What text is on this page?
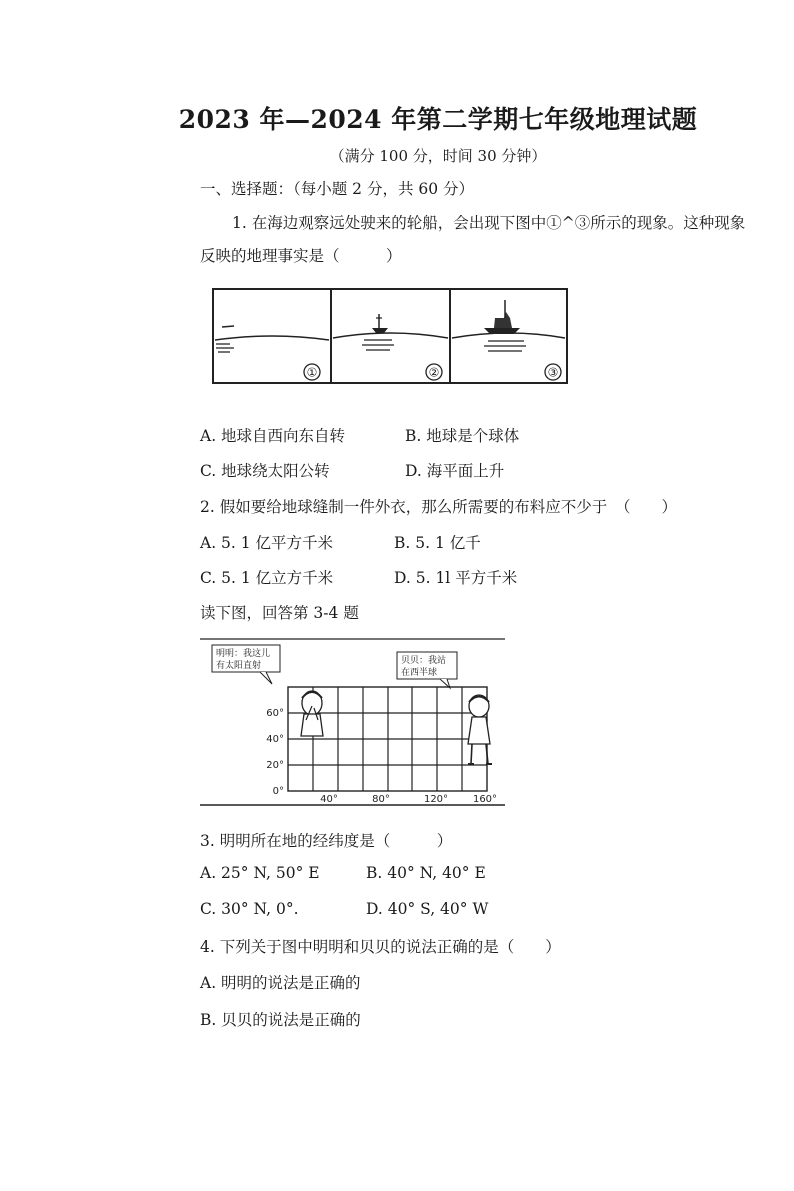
2023 年—2024 年第二学期七年级地理试题
（满分 100 分，时间 30 分钟）
一、选择题：（每小题 2 分，共 60 分）
1. 在海边观察远处驶来的轮船，会出现下图中①^③所示的现象。这种现象
反映的地理事实是（　　　）
①	②	③
A. 地球自西向东自转	B. 地球是个球体
C. 地球绕太阳公转	D. 海平面上升
2. 假如要给地球缝制一件外衣，那么所需要的布料应不少于　（　　）
A. 5. 1 亿平方千米	B. 5. 1 亿千
C. 5. 1 亿立方千米	D. 5. 1l 平方千米
读下图，回答第 3-4 题
明明：我这儿
有太阳直射	贝贝：我站
在西半球
60°
40°
20°
0°
40°	80°	120° 160°
3. 明明所在地的经纬度是（　　　）
A. 25° N, 50° E	B. 40° N, 40° E
C. 30° N, 0°.	D. 40° S, 40° W
4. 下列关于图中明明和贝贝的说法正确的是（　　）
A. 明明的说法是正确的
B. 贝贝的说法是正确的
